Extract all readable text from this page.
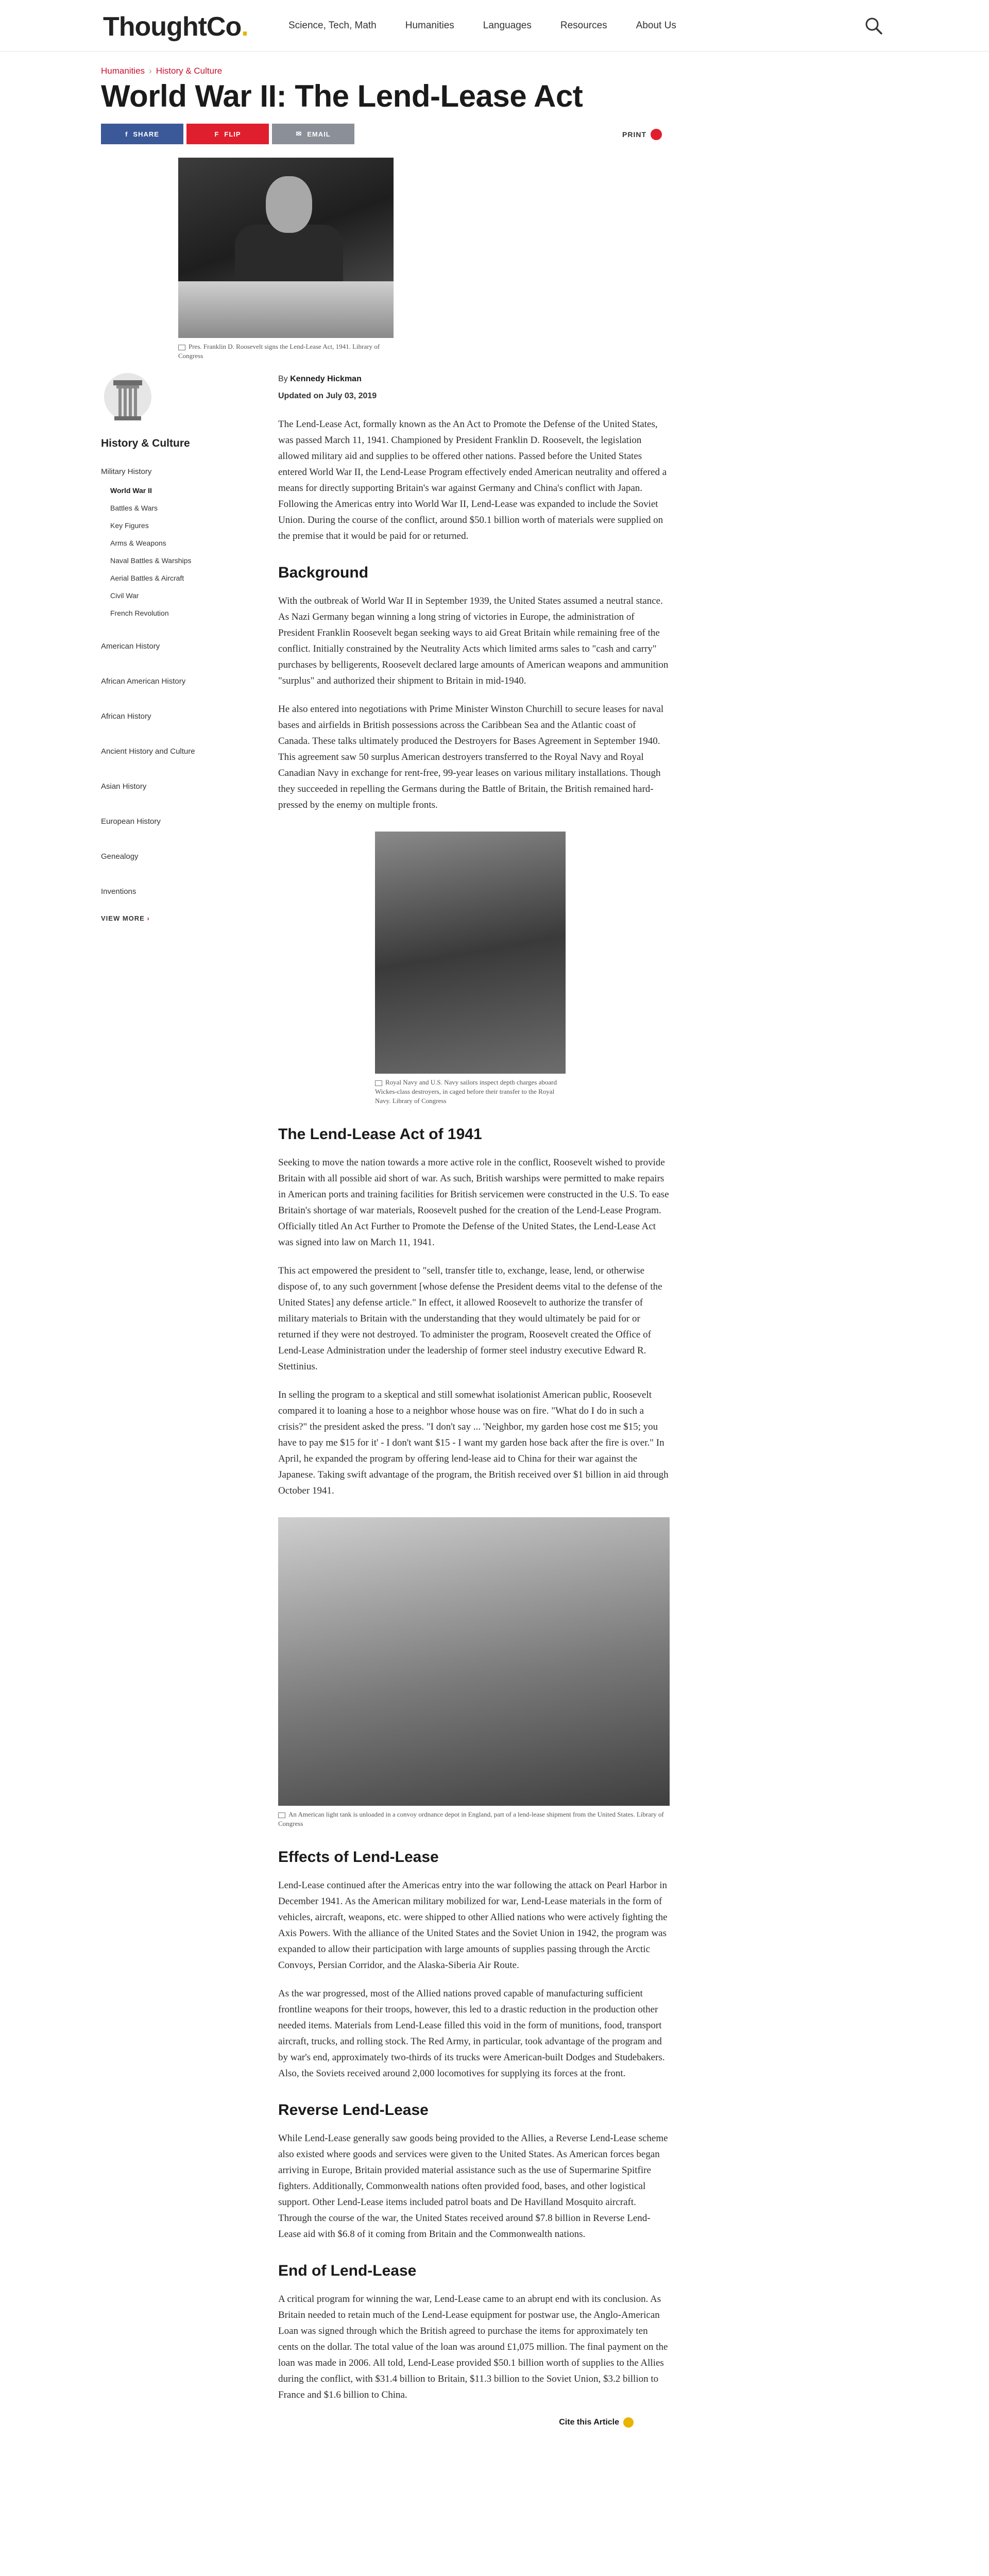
ThoughtCo.	Science, Tech, Math	Humanities	Languages	Resources	About Us
Humanities › History & Culture
World War II: The Lend-Lease Act
f SHARE	F FLIP	✉ EMAIL	PRINT
Pres. Franklin D. Roosevelt signs the Lend-Lease Act, 1941. Library of Congress
History & Culture
Military History
World War II
Battles & Wars
Key Figures
Arms & Weapons
Naval Battles & Warships
Aerial Battles & Aircraft
Civil War
French Revolution
American History
African American History
African History
Ancient History and Culture
Asian History
European History
Genealogy
Inventions
VIEW MORE ›
By Kennedy Hickman
Updated on July 03, 2019

The Lend-Lease Act, formally known as the An Act to Promote the Defense of the United States, was passed March 11, 1941. Championed by President Franklin D. Roosevelt, the legislation allowed military aid and supplies to be offered other nations. Passed before the United States entered World War II, the Lend-Lease Program effectively ended American neutrality and offered a means for directly supporting Britain's war against Germany and China's conflict with Japan. Following the Americas entry into World War II, Lend-Lease was expanded to include the Soviet Union. During the course of the conflict, around $50.1 billion worth of materials were supplied on the premise that it would be paid for or returned.

Background

With the outbreak of World War II in September 1939, the United States assumed a neutral stance. As Nazi Germany began winning a long string of victories in Europe, the administration of President Franklin Roosevelt began seeking ways to aid Great Britain while remaining free of the conflict. Initially constrained by the Neutrality Acts which limited arms sales to "cash and carry" purchases by belligerents, Roosevelt declared large amounts of American weapons and ammunition "surplus" and authorized their shipment to Britain in mid-1940.

He also entered into negotiations with Prime Minister Winston Churchill to secure leases for naval bases and airfields in British possessions across the Caribbean Sea and the Atlantic coast of Canada. These talks ultimately produced the Destroyers for Bases Agreement in September 1940. This agreement saw 50 surplus American destroyers transferred to the Royal Navy and Royal Canadian Navy in exchange for rent-free, 99-year leases on various military installations. Though they succeeded in repelling the Germans during the Battle of Britain, the British remained hard-pressed by the enemy on multiple fronts.

Royal Navy and U.S. Navy sailors inspect depth charges aboard Wickes-class destroyers, in caged before their transfer to the Royal Navy. Library of Congress
The Lend-Lease Act of 1941

Seeking to move the nation towards a more active role in the conflict, Roosevelt wished to provide Britain with all possible aid short of war. As such, British warships were permitted to make repairs in American ports and training facilities for British servicemen were constructed in the U.S. To ease Britain's shortage of war materials, Roosevelt pushed for the creation of the Lend-Lease Program. Officially titled An Act Further to Promote the Defense of the United States, the Lend-Lease Act was signed into law on March 11, 1941.

This act empowered the president to "sell, transfer title to, exchange, lease, lend, or otherwise dispose of, to any such government [whose defense the President deems vital to the defense of the United States] any defense article." In effect, it allowed Roosevelt to authorize the transfer of military materials to Britain with the understanding that they would ultimately be paid for or returned if they were not destroyed. To administer the program, Roosevelt created the Office of Lend-Lease Administration under the leadership of former steel industry executive Edward R. Stettinius.

In selling the program to a skeptical and still somewhat isolationist American public, Roosevelt compared it to loaning a hose to a neighbor whose house was on fire. "What do I do in such a crisis?" the president asked the press. "I don't say ... 'Neighbor, my garden hose cost me $15; you have to pay me $15 for it' - I don't want $15 - I want my garden hose back after the fire is over." In April, he expanded the program by offering lend-lease aid to China for their war against the Japanese. Taking swift advantage of the program, the British received over $1 billion in aid through October 1941.

An American light tank is unloaded in a convoy ordnance depot in England, part of a lend-lease shipment from the United States. Library of Congress
Effects of Lend-Lease

Lend-Lease continued after the Americas entry into the war following the attack on Pearl Harbor in December 1941. As the American military mobilized for war, Lend-Lease materials in the form of vehicles, aircraft, weapons, etc. were shipped to other Allied nations who were actively fighting the Axis Powers. With the alliance of the United States and the Soviet Union in 1942, the program was expanded to allow their participation with large amounts of supplies passing through the Arctic Convoys, Persian Corridor, and the Alaska-Siberia Air Route.

As the war progressed, most of the Allied nations proved capable of manufacturing sufficient frontline weapons for their troops, however, this led to a drastic reduction in the production other needed items. Materials from Lend-Lease filled this void in the form of munitions, food, transport aircraft, trucks, and rolling stock. The Red Army, in particular, took advantage of the program and by war's end, approximately two-thirds of its trucks were American-built Dodges and Studebakers. Also, the Soviets received around 2,000 locomotives for supplying its forces at the front.

Reverse Lend-Lease

While Lend-Lease generally saw goods being provided to the Allies, a Reverse Lend-Lease scheme also existed where goods and services were given to the United States. As American forces began arriving in Europe, Britain provided material assistance such as the use of Supermarine Spitfire fighters. Additionally, Commonwealth nations often provided food, bases, and other logistical support. Other Lend-Lease items included patrol boats and De Havilland Mosquito aircraft. Through the course of the war, the United States received around $7.8 billion in Reverse Lend-Lease aid with $6.8 of it coming from Britain and the Commonwealth nations.

End of Lend-Lease

A critical program for winning the war, Lend-Lease came to an abrupt end with its conclusion. As Britain needed to retain much of the Lend-Lease equipment for postwar use, the Anglo-American Loan was signed through which the British agreed to purchase the items for approximately ten cents on the dollar. The total value of the loan was around £1,075 million. The final payment on the loan was made in 2006. All told, Lend-Lease provided $50.1 billion worth of supplies to the Allies during the conflict, with $31.4 billion to Britain, $11.3 billion to the Soviet Union, $3.2 billion to France and $1.6 billion to China.

Cite this Article
